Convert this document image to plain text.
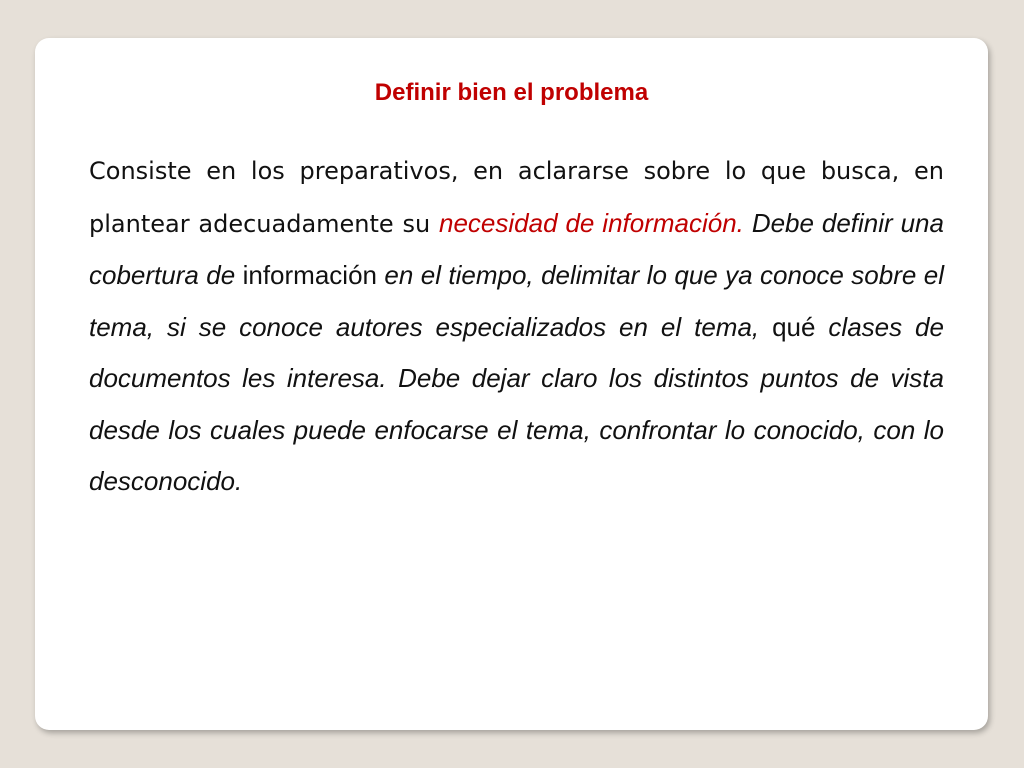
Definir bien el problema

Consiste en los preparativos, en aclararse sobre lo que busca, en plantear adecuadamente su necesidad de información. Debe definir una cobertura de información en el tiempo, delimitar lo que ya conoce sobre el tema, si se conoce autores especializados en el tema, qué clases de documentos les interesa. Debe dejar claro los distintos puntos de vista desde los cuales puede enfocarse el tema, confrontar lo conocido, con lo desconocido.
